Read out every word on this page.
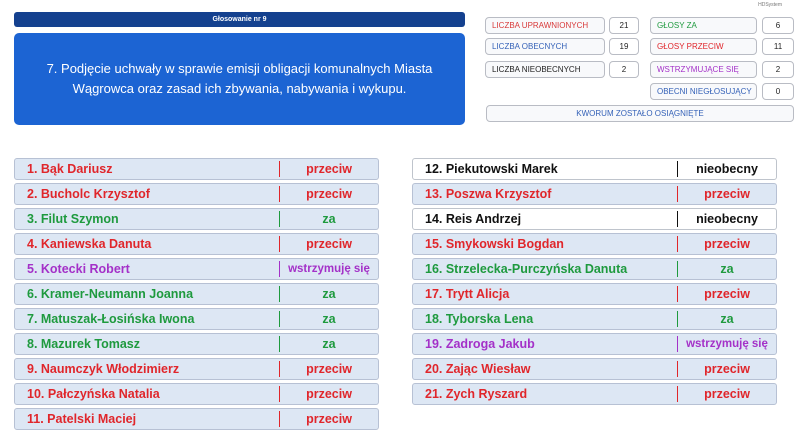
Głosowanie nr 9
HDSystem
7. Podjęcie uchwały w sprawie emisji obligacji komunalnych Miasta Wągrowca oraz zasad ich zbywania, nabywania i wykupu.
LICZBA UPRAWNIONYCH	21
LICZBA OBECNYCH	19
LICZBA NIEOBECNYCH	2
GŁOSY ZA	6
GŁOSY PRZECIW	11
WSTRZYMUJĄCE SIĘ	2
OBECNI NIEGŁOSUJĄCY	0
KWORUM ZOSTAŁO OSIĄGNIĘTE
1. Bąk Dariusz	przeciw
2. Bucholc Krzysztof	przeciw
3. Filut Szymon	za
4. Kaniewska Danuta	przeciw
5. Kotecki Robert	wstrzymuję się
6. Kramer-Neumann Joanna	za
7. Matuszak-Łosińska Iwona	za
8. Mazurek Tomasz	za
9. Naumczyk Włodzimierz	przeciw
10. Pałczyńska Natalia	przeciw
11. Patelski Maciej	przeciw
12. Piekutowski Marek	nieobecny
13. Poszwa Krzysztof	przeciw
14. Reis Andrzej	nieobecny
15. Smykowski Bogdan	przeciw
16. Strzelecka-Purczyńska Danuta	za
17. Trytt Alicja	przeciw
18. Tyborska Lena	za
19. Zadroga Jakub	wstrzymuję się
20. Zając Wiesław	przeciw
21. Zych Ryszard	przeciw
